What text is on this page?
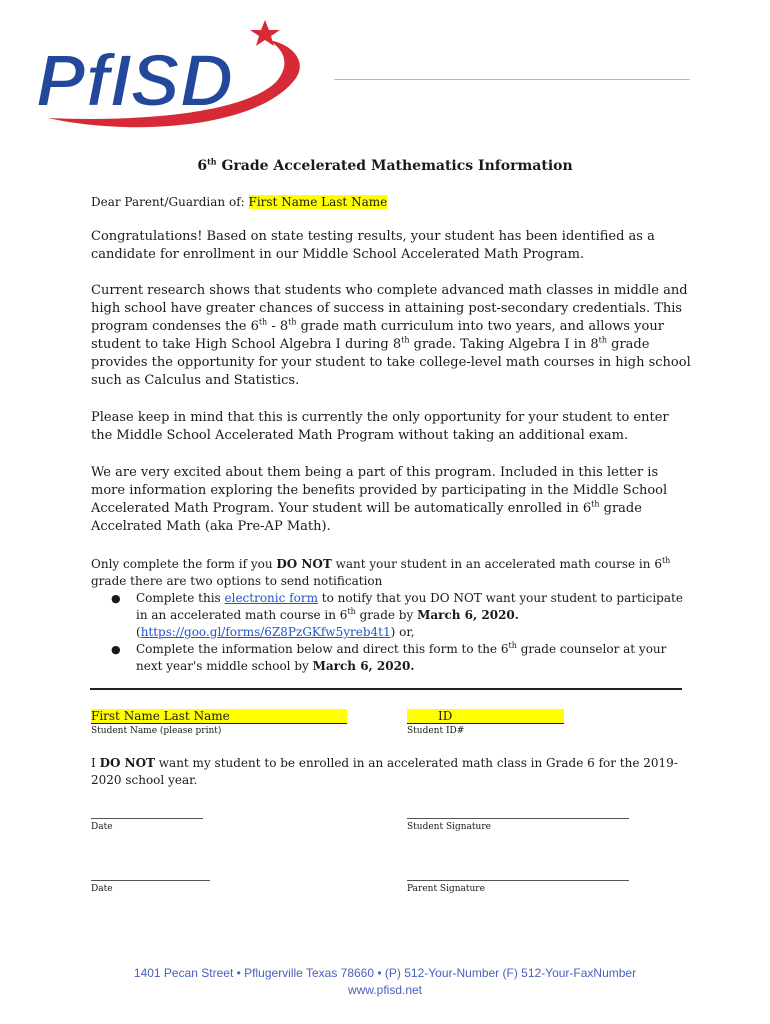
PfISD
6th Grade Accelerated Mathematics Information
Dear Parent/Guardian of: First Name Last Name
Congratulations! Based on state testing results, your student has been identified as a candidate for enrollment in our Middle School Accelerated Math Program.
Current research shows that students who complete advanced math classes in middle and high school have greater chances of success in attaining post-secondary credentials. This program condenses the 6th - 8th grade math curriculum into two years, and allows your student to take High School Algebra I during 8th grade. Taking Algebra I in 8th grade provides the opportunity for your student to take college-level math courses in high school such as Calculus and Statistics.
Please keep in mind that this is currently the only opportunity for your student to enter the Middle School Accelerated Math Program without taking an additional exam.
We are very excited about them being a part of this program. Included in this letter is more information exploring the benefits provided by participating in the Middle School Accelerated Math Program. Your student will be automatically enrolled in 6th grade Accelrated Math (aka Pre-AP Math).
Only complete the form if you DO NOT want your student in an accelerated math course in 6th grade there are two options to send notification
● Complete this electronic form to notify that you DO NOT want your student to participate in an accelerated math course in 6th grade by March 6, 2020.
(https://goo.gl/forms/6Z8PzGKfw5yreb4t1) or,
● Complete the information below and direct this form to the 6th grade counselor at your next year's middle school by March 6, 2020.
First Name Last Name
Student Name (please print)
ID
Student ID#
I DO NOT want my student to be enrolled in an accelerated math class in Grade 6 for the 2019-2020 school year.
Date	Student Signature
Date	Parent Signature
1401 Pecan Street • Pflugerville Texas 78660 • (P) 512-Your-Number (F) 512-Your-FaxNumber
www.pfisd.net
